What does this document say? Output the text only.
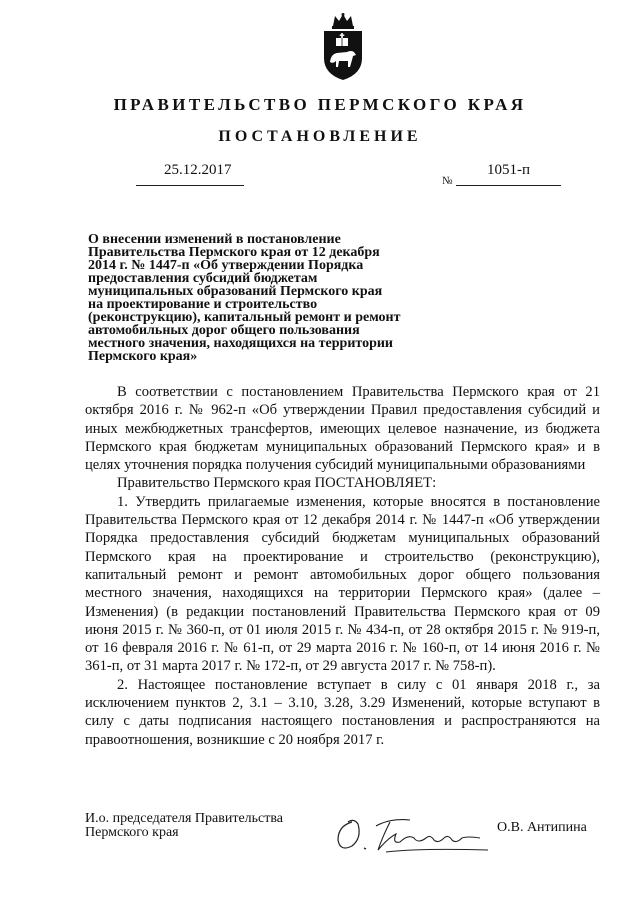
ПРАВИТЕЛЬСТВО ПЕРМСКОГО КРАЯ
ПОСТАНОВЛЕНИЕ
25.12.2017
№
1051-п
О внесении изменений в постановление
Правительства Пермского края от 12 декабря
2014 г. № 1447-п «Об утверждении Порядка
предоставления субсидий бюджетам
муниципальных образований Пермского края
на проектирование и строительство
(реконструкцию), капитальный ремонт и ремонт
автомобильных дорог общего пользования
местного значения, находящихся на территории
Пермского края»

В соответствии с постановлением Правительства Пермского края от 21 октября 2016 г. № 962-п «Об утверждении Правил предоставления субсидий и иных межбюджетных трансфертов, имеющих целевое назначение, из бюджета Пермского края бюджетам муниципальных образований Пермского края» и в целях уточнения порядка получения субсидий муниципальными образованиями

Правительство Пермского края ПОСТАНОВЛЯЕТ:

1. Утвердить прилагаемые изменения, которые вносятся в постановление Правительства Пермского края от 12 декабря 2014 г. № 1447-п «Об утверждении Порядка предоставления субсидий бюджетам муниципальных образований Пермского края на проектирование и строительство (реконструкцию), капитальный ремонт и ремонт автомобильных дорог общего пользования местного значения, находящихся на территории Пермского края» (далее – Изменения) (в редакции постановлений Правительства Пермского края от 09 июня 2015 г. № 360-п, от 01 июля 2015 г. № 434-п, от 28 октября 2015 г. № 919-п, от 16 февраля 2016 г. № 61-п, от 29 марта 2016 г. № 160-п, от 14 июня 2016 г. № 361-п, от 31 марта 2017 г. № 172-п, от 29 августа 2017 г. № 758-п).

2. Настоящее постановление вступает в силу с 01 января 2018 г., за исключением пунктов 2, 3.1 – 3.10, 3.28, 3.29 Изменений, которые вступают в силу с даты подписания настоящего постановления и распространяются на правоотношения, возникшие с 20 ноября 2017 г.

И.о. председателя Правительства
Пермского края	О.В. Антипина
